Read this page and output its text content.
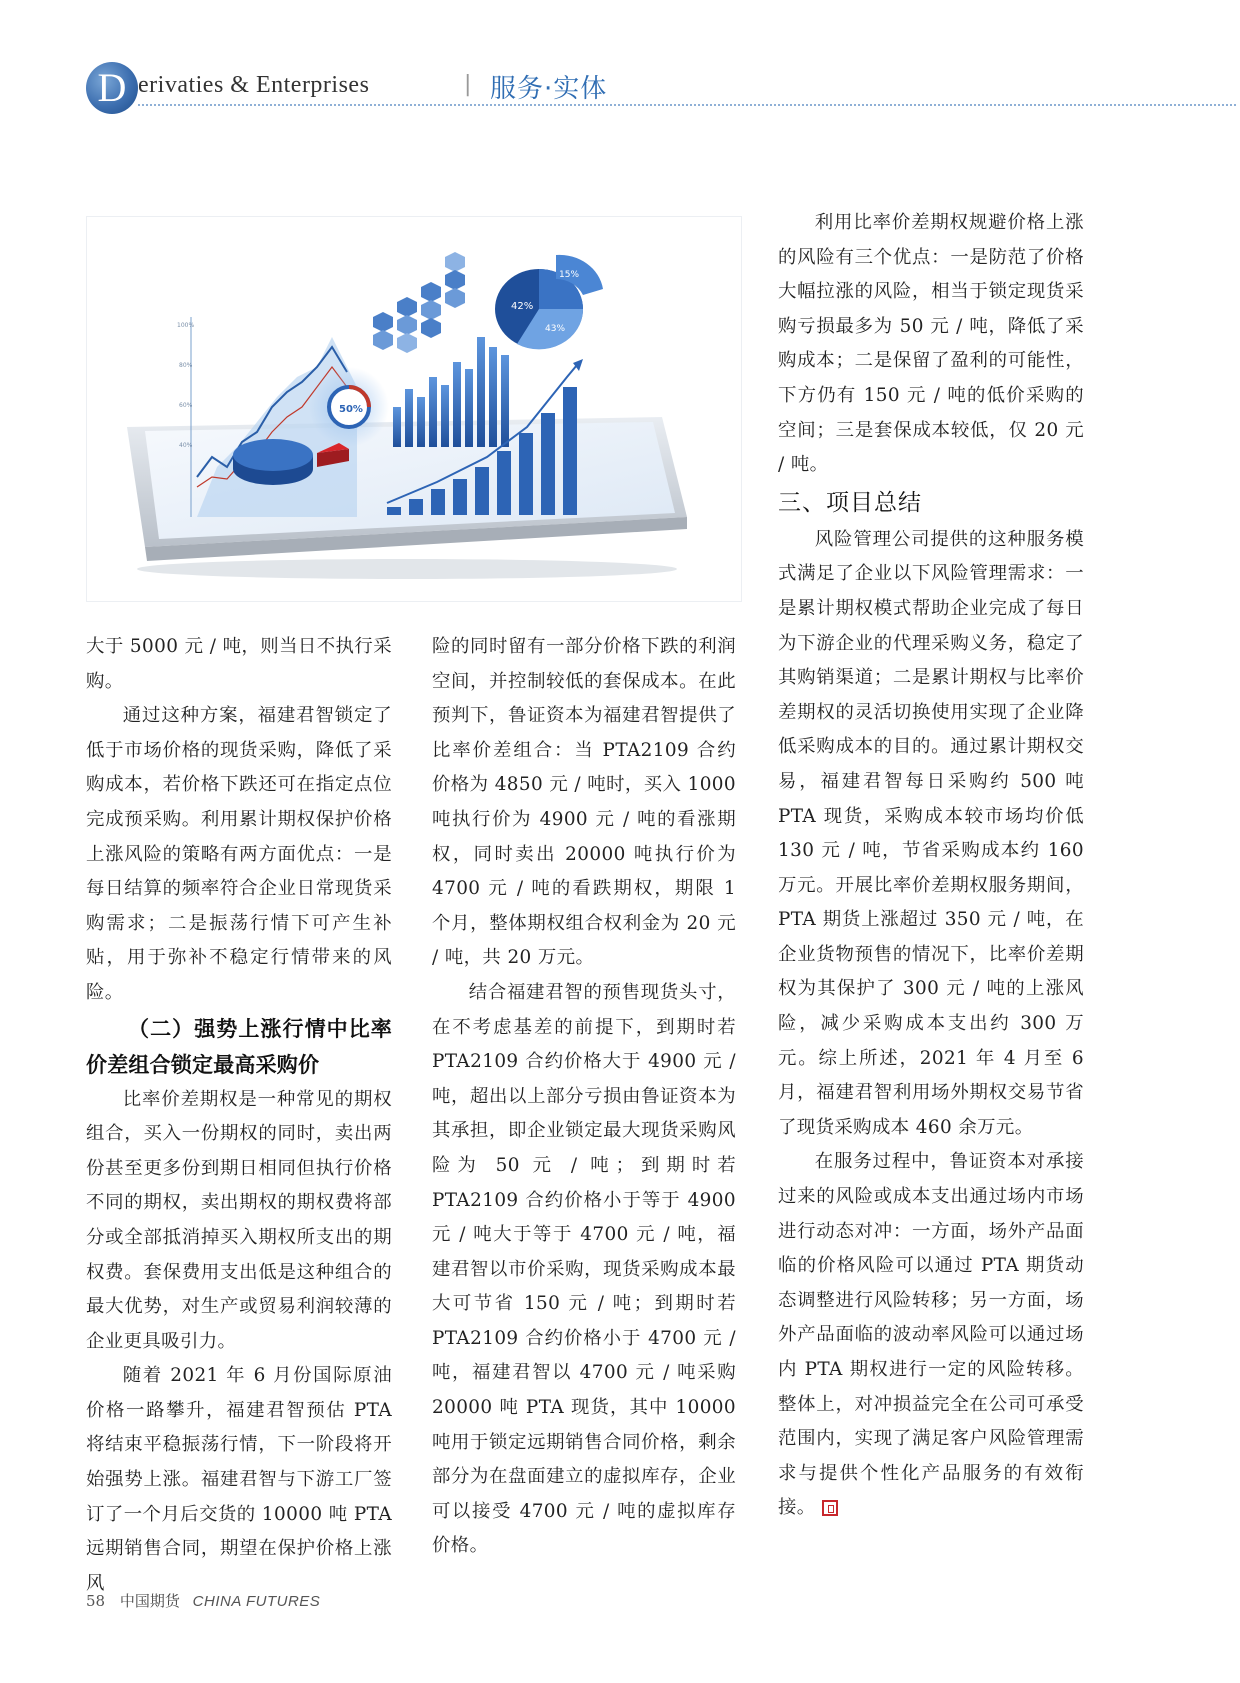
D erivaties & Enterprises	| 服务·实体
100%
80%
60%
40%
42%
15%
43%
50%

大于 5000 元 / 吨，则当日不执行采购。

通过这种方案，福建君智锁定了低于市场价格的现货采购，降低了采购成本，若价格下跌还可在指定点位完成预采购。利用累计期权保护价格上涨风险的策略有两方面优点：一是每日结算的频率符合企业日常现货采购需求；二是振荡行情下可产生补贴，用于弥补不稳定行情带来的风险。

（二）强势上涨行情中比率价差组合锁定最高采购价

比率价差期权是一种常见的期权组合，买入一份期权的同时，卖出两份甚至更多份到期日相同但执行价格不同的期权，卖出期权的期权费将部分或全部抵消掉买入期权所支出的期权费。套保费用支出低是这种组合的最大优势，对生产或贸易利润较薄的企业更具吸引力。

随着 2021 年 6 月份国际原油价格一路攀升，福建君智预估 PTA 将结束平稳振荡行情，下一阶段将开始强势上涨。福建君智与下游工厂签订了一个月后交货的 10000 吨 PTA 远期销售合同，期望在保护价格上涨风

险的同时留有一部分价格下跌的利润空间，并控制较低的套保成本。在此预判下，鲁证资本为福建君智提供了比率价差组合：当 PTA2109 合约价格为 4850 元 / 吨时，买入 1000 吨执行价为 4900 元 / 吨的看涨期权，同时卖出 20000 吨执行价为 4700 元 / 吨的看跌期权，期限 1 个月，整体期权组合权利金为 20 元 / 吨，共 20 万元。

结合福建君智的预售现货头寸，在不考虑基差的前提下，到期时若 PTA2109 合约价格大于 4900 元 / 吨，超出以上部分亏损由鲁证资本为其承担，即企业锁定最大现货采购风险为 50 元 / 吨；到期时若 PTA2109 合约价格小于等于 4900 元 / 吨大于等于 4700 元 / 吨，福建君智以市价采购，现货采购成本最大可节省 150 元 / 吨；到期时若 PTA2109 合约价格小于 4700 元 / 吨，福建君智以 4700 元 / 吨采购 20000 吨 PTA 现货，其中 10000 吨用于锁定远期销售合同价格，剩余部分为在盘面建立的虚拟库存，企业可以接受 4700 元 / 吨的虚拟库存价格。

利用比率价差期权规避价格上涨的风险有三个优点：一是防范了价格大幅拉涨的风险，相当于锁定现货采购亏损最多为 50 元 / 吨，降低了采购成本；二是保留了盈利的可能性，下方仍有 150 元 / 吨的低价采购的空间；三是套保成本较低，仅 20 元 / 吨。

三、项目总结

风险管理公司提供的这种服务模式满足了企业以下风险管理需求：一是累计期权模式帮助企业完成了每日为下游企业的代理采购义务，稳定了其购销渠道；二是累计期权与比率价差期权的灵活切换使用实现了企业降低采购成本的目的。通过累计期权交易，福建君智每日采购约 500 吨 PTA 现货，采购成本较市场均价低 130 元 / 吨，节省采购成本约 160 万元。开展比率价差期权服务期间，PTA 期货上涨超过 350 元 / 吨，在企业货物预售的情况下，比率价差期权为其保护了 300 元 / 吨的上涨风险，减少采购成本支出约 300 万元。综上所述，2021 年 4 月至 6 月，福建君智利用场外期权交易节省了现货采购成本 460 余万元。

在服务过程中，鲁证资本对承接过来的风险或成本支出通过场内市场进行动态对冲：一方面，场外产品面临的价格风险可以通过 PTA 期货动态调整进行风险转移；另一方面，场外产品面临的波动率风险可以通过场内 PTA 期权进行一定的风险转移。整体上，对冲损益完全在公司可承受范围内，实现了满足客户风险管理需求与提供个性化产品服务的有效衔接。

58 中国期货 CHINA FUTURES
